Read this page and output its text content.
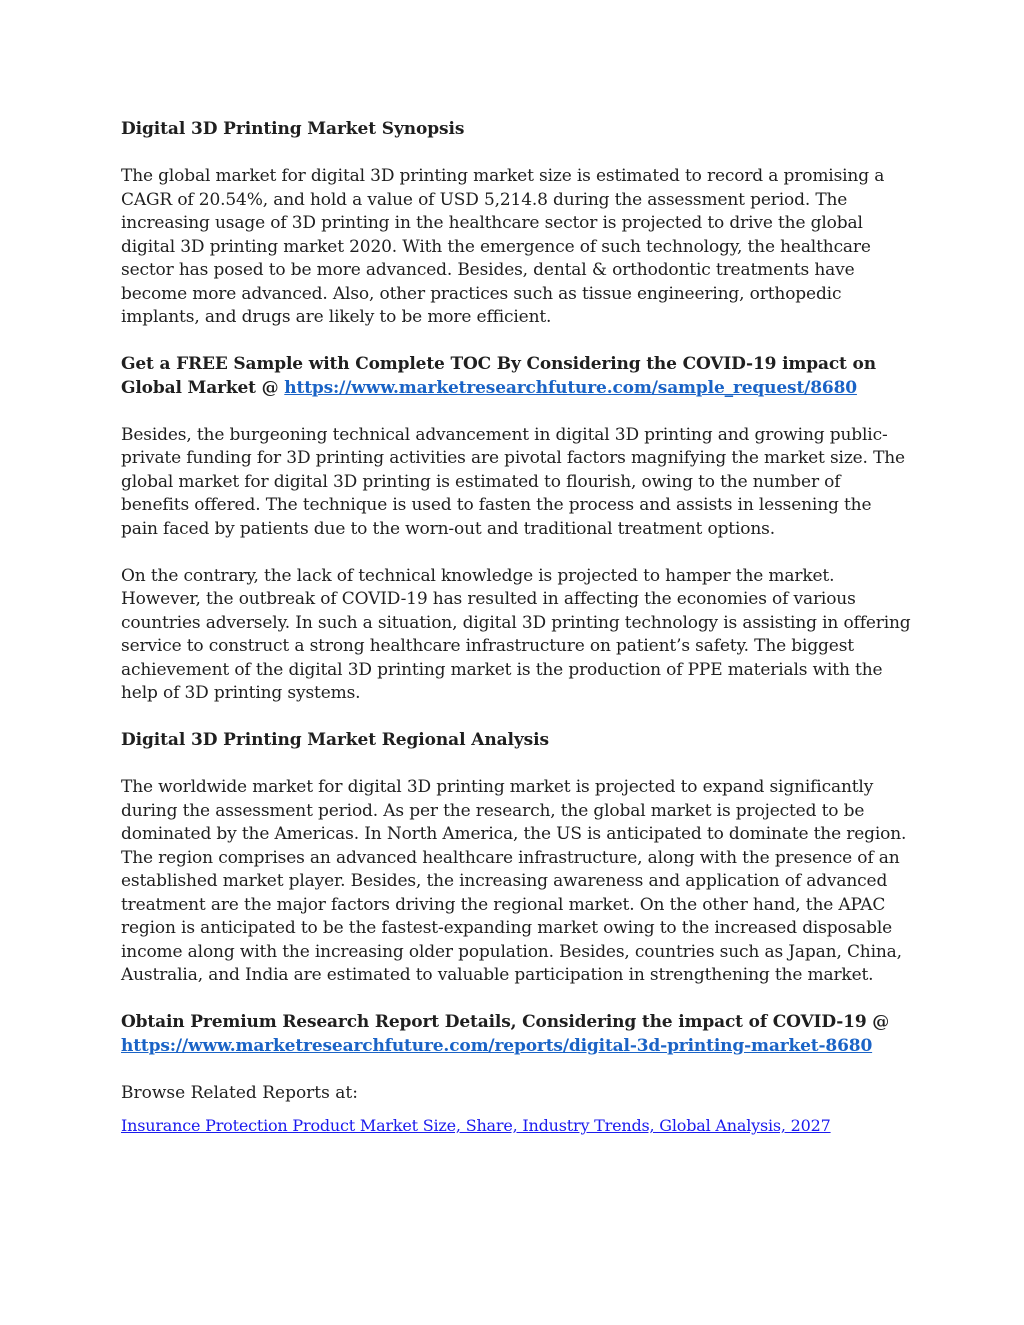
Digital 3D Printing Market Synopsis
The global market for digital 3D printing market size is estimated to record a promising a CAGR of 20.54%, and hold a value of USD 5,214.8 during the assessment period. The increasing usage of 3D printing in the healthcare sector is projected to drive the global digital 3D printing market 2020. With the emergence of such technology, the healthcare sector has posed to be more advanced. Besides, dental & orthodontic treatments have become more advanced. Also, other practices such as tissue engineering, orthopedic implants, and drugs are likely to be more efficient.
Get a FREE Sample with Complete TOC By Considering the COVID-19 impact on Global Market @ https://www.marketresearchfuture.com/sample_request/8680
Besides, the burgeoning technical advancement in digital 3D printing and growing public-private funding for 3D printing activities are pivotal factors magnifying the market size. The global market for digital 3D printing is estimated to flourish, owing to the number of benefits offered. The technique is used to fasten the process and assists in lessening the pain faced by patients due to the worn-out and traditional treatment options.
On the contrary, the lack of technical knowledge is projected to hamper the market. However, the outbreak of COVID-19 has resulted in affecting the economies of various countries adversely. In such a situation, digital 3D printing technology is assisting in offering service to construct a strong healthcare infrastructure on patient’s safety. The biggest achievement of the digital 3D printing market is the production of PPE materials with the help of 3D printing systems.
Digital 3D Printing Market Regional Analysis
The worldwide market for digital 3D printing market is projected to expand significantly during the assessment period. As per the research, the global market is projected to be dominated by the Americas. In North America, the US is anticipated to dominate the region. The region comprises an advanced healthcare infrastructure, along with the presence of an established market player. Besides, the increasing awareness and application of advanced treatment are the major factors driving the regional market. On the other hand, the APAC region is anticipated to be the fastest-expanding market owing to the increased disposable income along with the increasing older population. Besides, countries such as Japan, China, Australia, and India are estimated to valuable participation in strengthening the market.
Obtain Premium Research Report Details, Considering the impact of COVID-19 @ https://www.marketresearchfuture.com/reports/digital-3d-printing-market-8680
Browse Related Reports at:
Insurance Protection Product Market Size, Share, Industry Trends, Global Analysis, 2027
